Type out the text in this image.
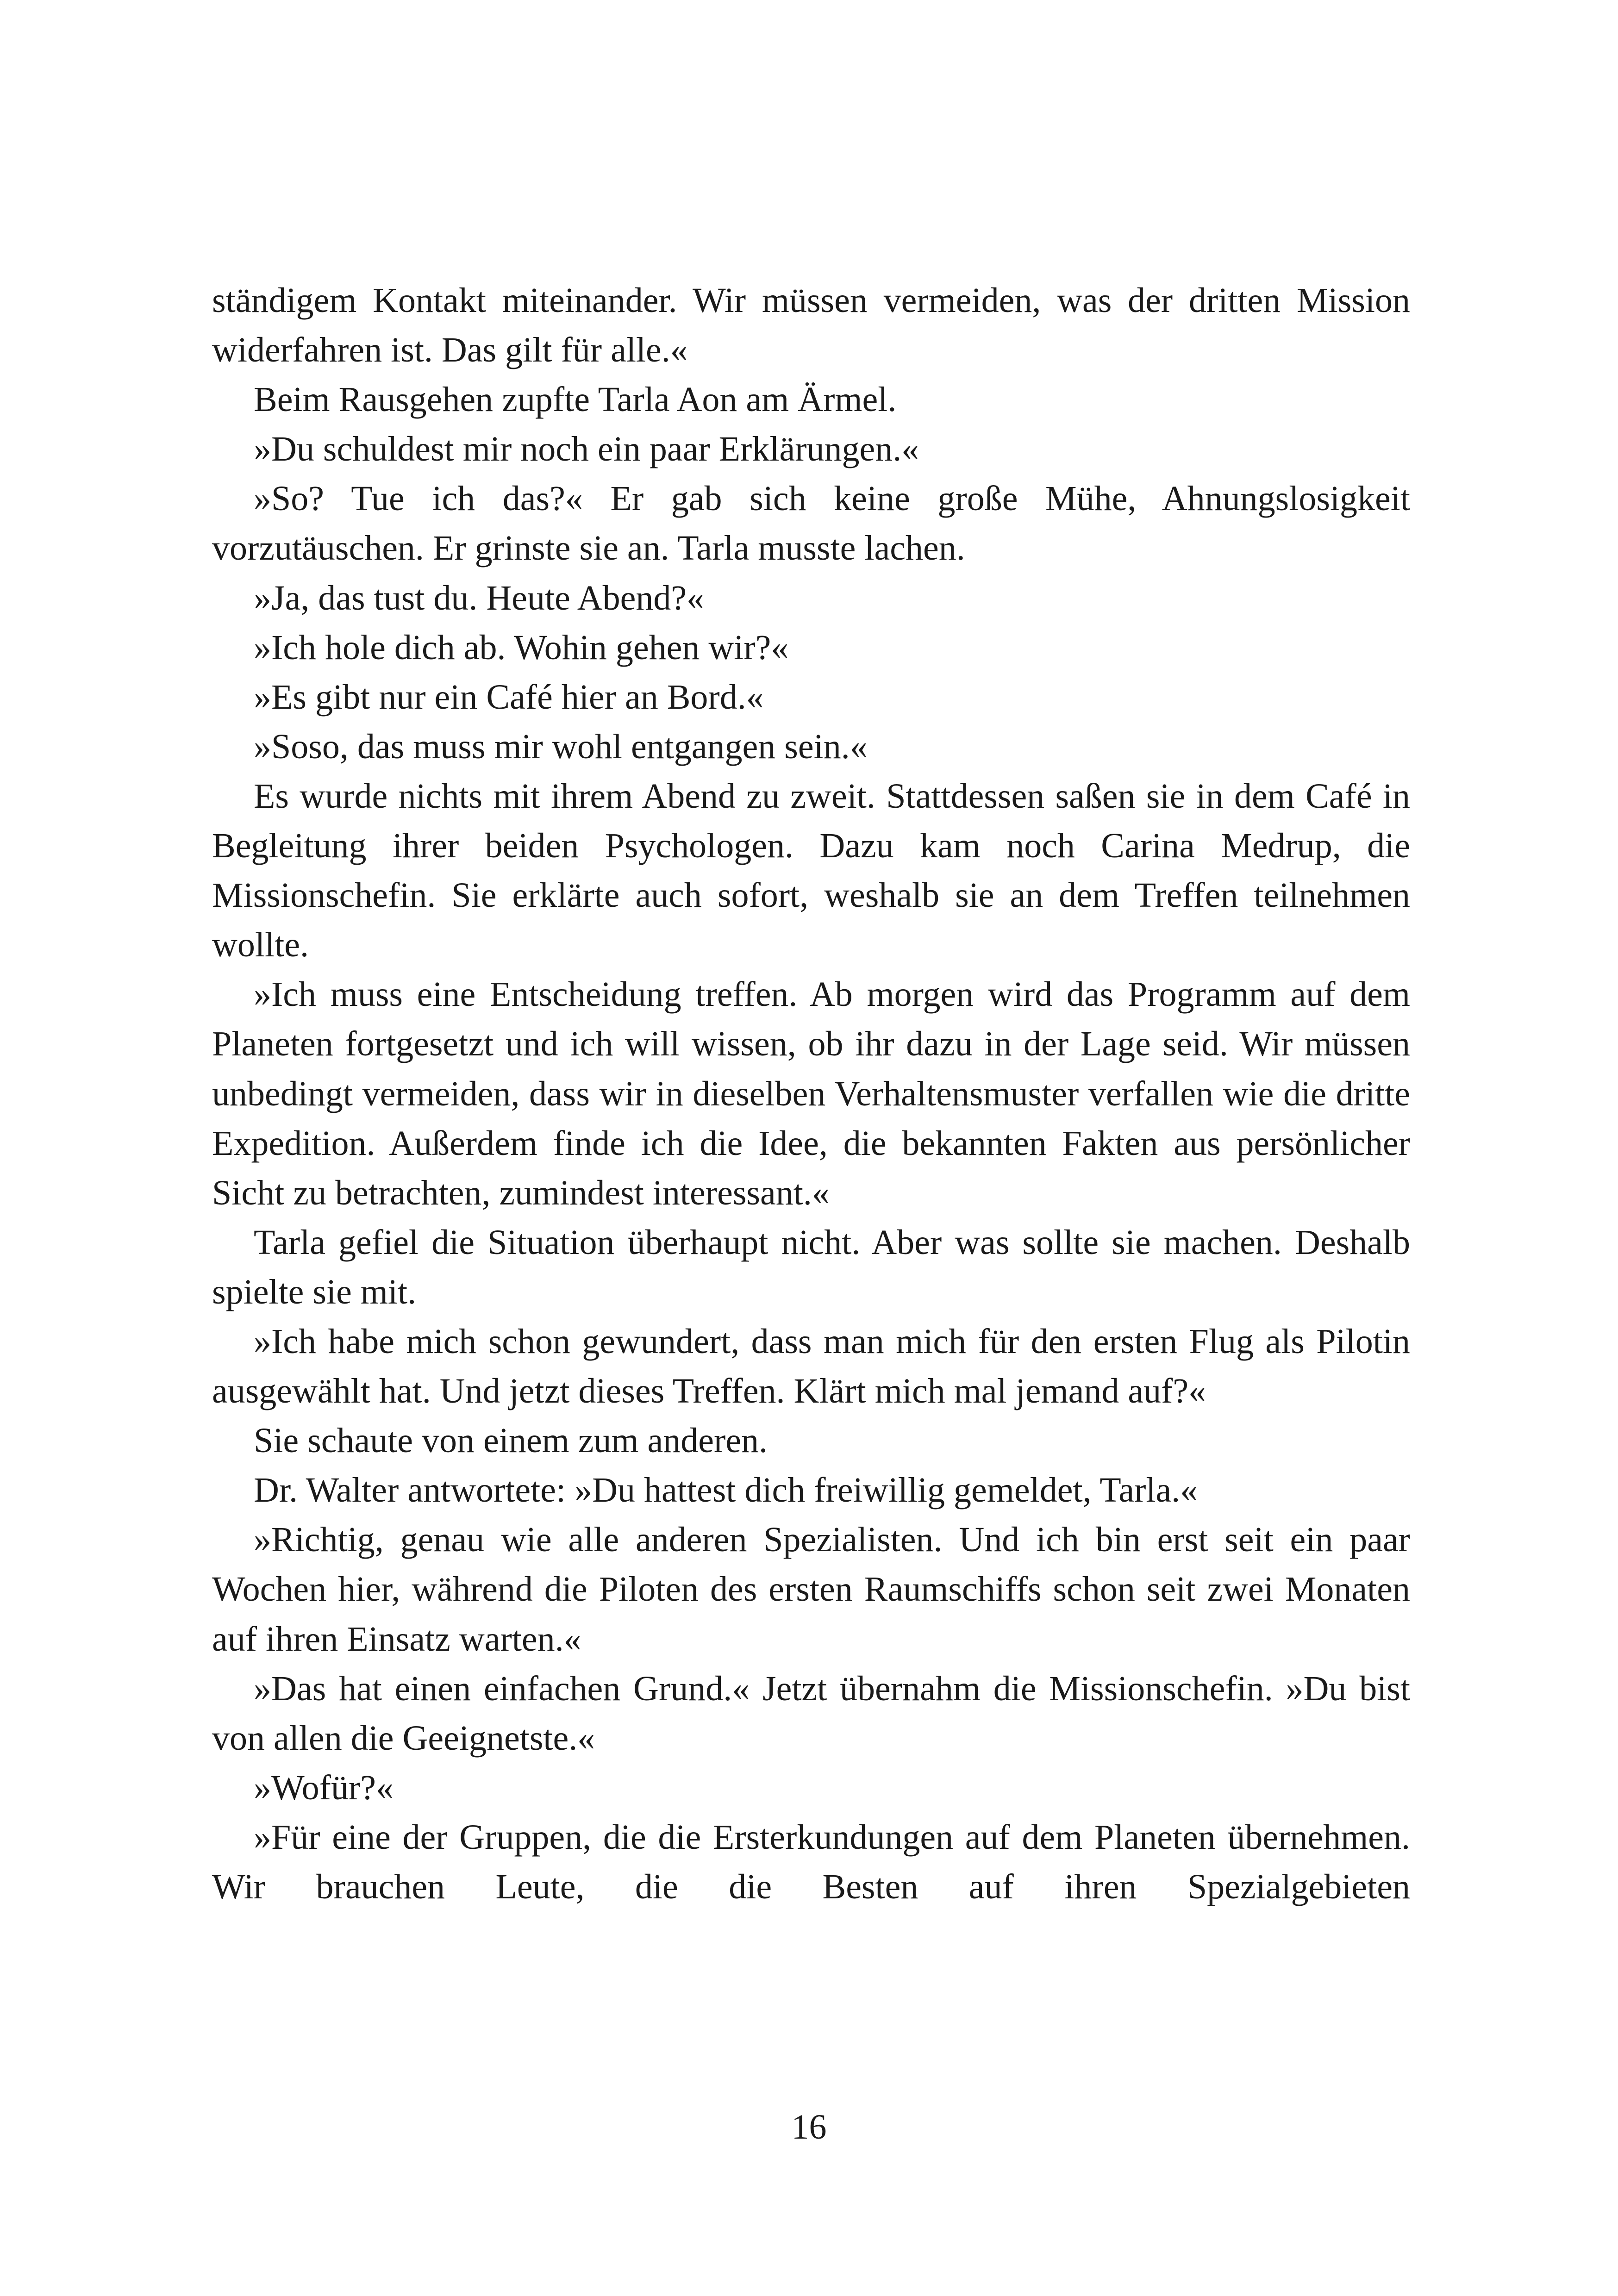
ständigem Kontakt miteinander. Wir müssen vermeiden, was der dritten Mission widerfahren ist. Das gilt für alle.«

Beim Rausgehen zupfte Tarla Aon am Ärmel.

»Du schuldest mir noch ein paar Erklärungen.«

»So? Tue ich das?« Er gab sich keine große Mühe, Ahnungslosigkeit vorzutäuschen. Er grinste sie an. Tarla musste lachen.

»Ja, das tust du. Heute Abend?«

»Ich hole dich ab. Wohin gehen wir?«

»Es gibt nur ein Café hier an Bord.«

»Soso, das muss mir wohl entgangen sein.«

Es wurde nichts mit ihrem Abend zu zweit. Stattdessen saßen sie in dem Café in Begleitung ihrer beiden Psychologen. Dazu kam noch Carina Medrup, die Missionschefin. Sie erklärte auch sofort, weshalb sie an dem Treffen teilnehmen wollte.

»Ich muss eine Entscheidung treffen. Ab morgen wird das Programm auf dem Planeten fortgesetzt und ich will wissen, ob ihr dazu in der Lage seid. Wir müssen unbedingt vermeiden, dass wir in dieselben Verhaltensmuster verfallen wie die dritte Expedition. Außerdem finde ich die Idee, die bekannten Fakten aus persönlicher Sicht zu betrachten, zumindest interessant.«

Tarla gefiel die Situation überhaupt nicht. Aber was sollte sie machen. Deshalb spielte sie mit.

»Ich habe mich schon gewundert, dass man mich für den ersten Flug als Pilotin ausgewählt hat. Und jetzt dieses Treffen. Klärt mich mal jemand auf?«

Sie schaute von einem zum anderen.

Dr. Walter antwortete: »Du hattest dich freiwillig gemeldet, Tarla.«

»Richtig, genau wie alle anderen Spezialisten. Und ich bin erst seit ein paar Wochen hier, während die Piloten des ersten Raumschiffs schon seit zwei Monaten auf ihren Einsatz warten.«

»Das hat einen einfachen Grund.« Jetzt übernahm die Missionschefin. »Du bist von allen die Geeignetste.«

»Wofür?«

»Für eine der Gruppen, die die Ersterkundungen auf dem Planeten übernehmen. Wir brauchen Leute, die die Besten auf ihren Spezialgebieten

16
